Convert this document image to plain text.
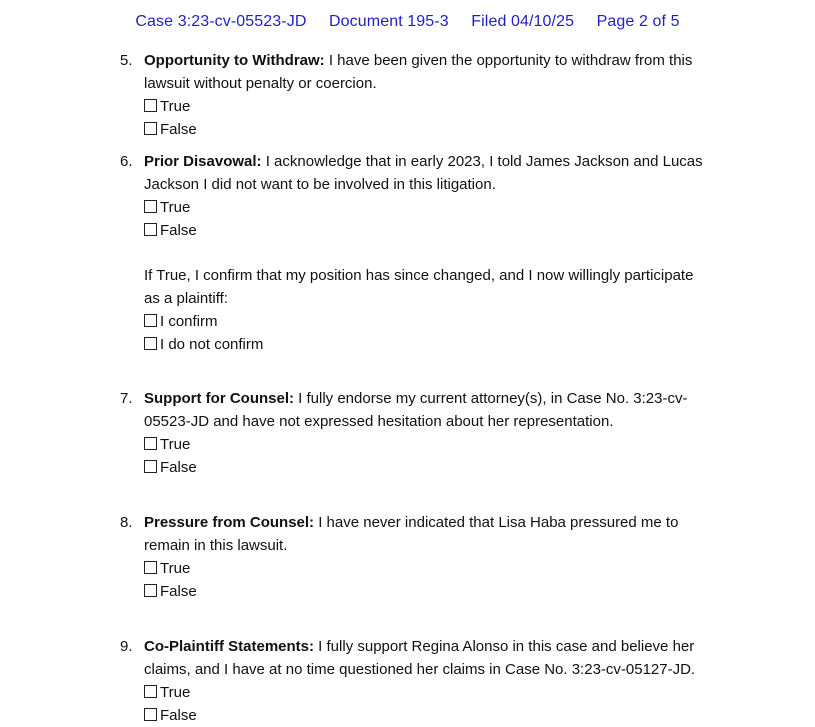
Case 3:23-cv-05523-JD Document 195-3 Filed 04/10/25 Page 2 of 5
5. Opportunity to Withdraw: I have been given the opportunity to withdraw from this
lawsuit without penalty or coercion.
True
False
6. Prior Disavowal: I acknowledge that in early 2023, I told James Jackson and Lucas
Jackson I did not want to be involved in this litigation.
True
False
If True, I confirm that my position has since changed, and I now willingly participate
as a plaintiff:
I confirm
I do not confirm
7. Support for Counsel: I fully endorse my current attorney(s), in Case No. 3:23-cv-
05523-JD and have not expressed hesitation about her representation.
True
False
8. Pressure from Counsel: I have never indicated that Lisa Haba pressured me to
remain in this lawsuit.
True
False
9. Co-Plaintiff Statements: I fully support Regina Alonso in this case and believe her
claims, and I have at no time questioned her claims in Case No. 3:23-cv-05127-JD.
True
False
